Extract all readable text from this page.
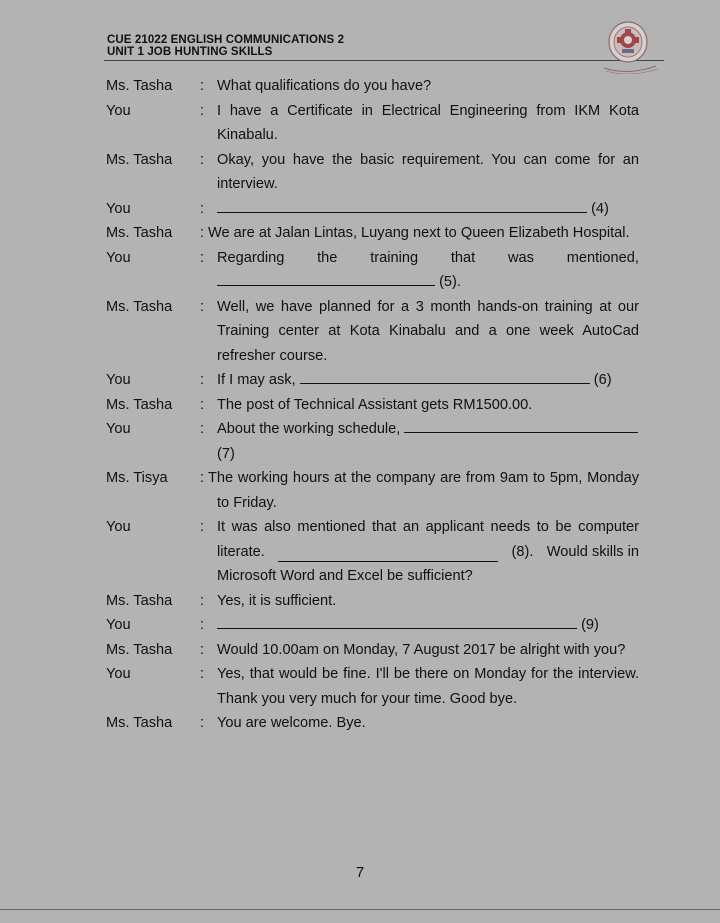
CUE 21022 ENGLISH COMMUNICATIONS 2
UNIT 1 JOB HUNTING SKILLS
Ms. Tasha	: What qualifications do you have?
You	: I have a Certificate in Electrical Engineering from IKM Kota Kinabalu.
Ms. Tasha	: Okay, you have the basic requirement. You can come for an interview.
You	:	(4)
Ms. Tasha	: We are at Jalan Lintas, Luyang next to Queen Elizabeth Hospital.
You	: Regarding the training that was mentioned,
(5).
Ms. Tasha	: Well, we have planned for a 3 month hands-on training at our Training center at Kota Kinabalu and a one week AutoCad refresher course.
You	: If I may ask,	(6)
Ms. Tasha	: The post of Technical Assistant gets RM1500.00.
You	: About the working schedule,
(7)
Ms. Tisya	: The working hours at the company are from 9am to 5pm, Monday to Friday.
You	: It was also mentioned that an applicant needs to be computer
literate.	(8). Would skills in
Microsoft Word and Excel be sufficient?
Ms. Tasha	: Yes, it is sufficient.
You	:	(9)
Ms. Tasha	: Would 10.00am on Monday, 7 August 2017 be alright with you?
You	: Yes, that would be fine. I'll be there on Monday for the interview. Thank you very much for your time. Good bye.
Ms. Tasha	: You are welcome. Bye.
7
